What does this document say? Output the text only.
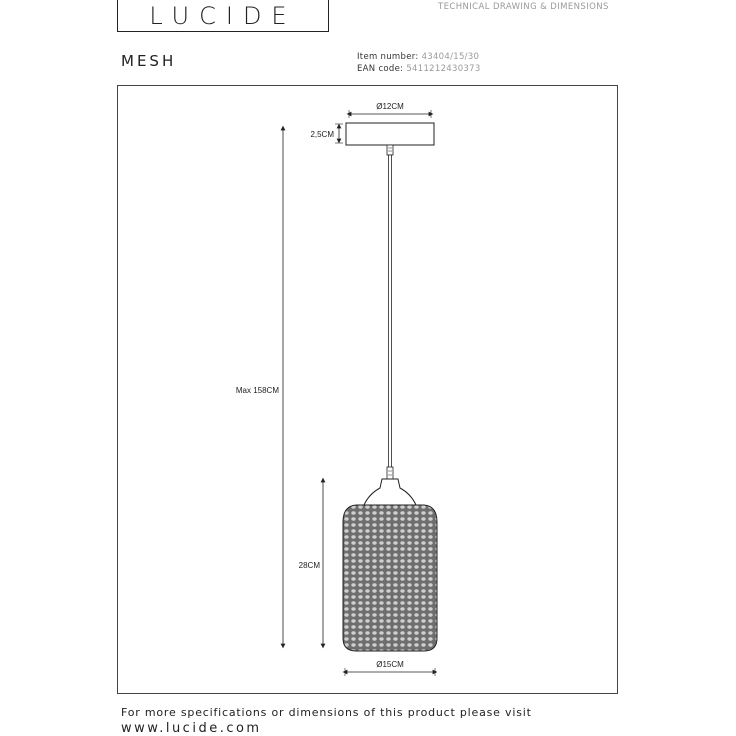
LUCIDE	TECHNICAL DRAWING & DIMENSIONS
MESH	Item number: 43404/15/30
EAN code: 5411212430373
Ø12CM
2,5CM
Max 158CM
28CM
Ø15CM
For more specifications or dimensions of this product please visit
www.lucide.com
